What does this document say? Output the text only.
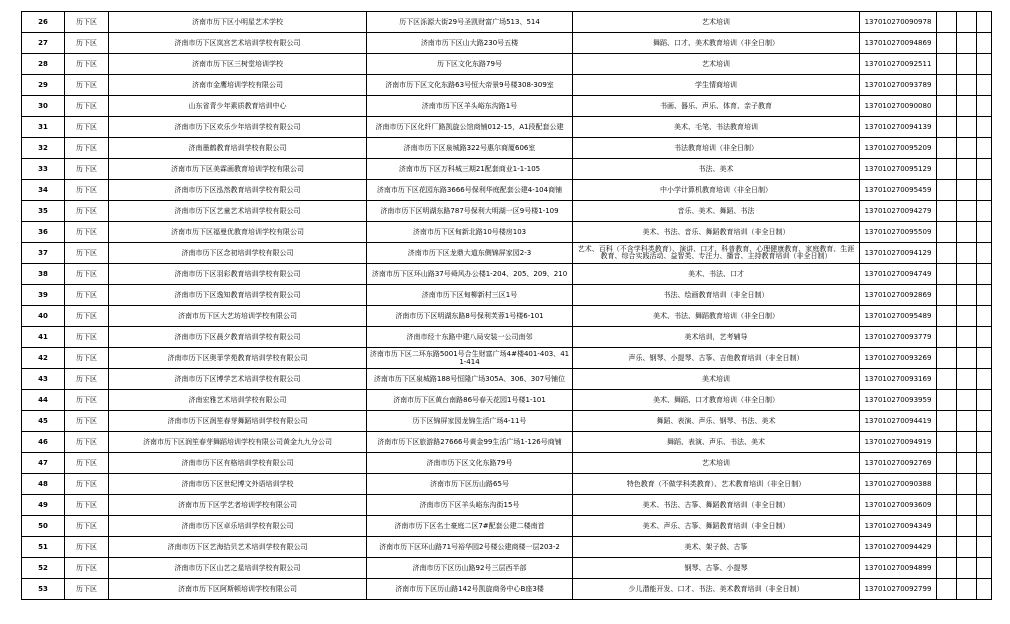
26	历下区	济南市历下区小明星艺术学校	历下区泺源大街29号圣凯财富广场513、514	艺术培训	137010270090978			
27	历下区	济南市历下区岚宫艺术培训学校有限公司	济南市历下区山大路230号五楼	舞蹈、口才、美术教育培训（非全日制）	137010270094869			
28	历下区	济南市历下区三树堂培训学校	历下区文化东路79号	艺术培训	137010270092511			
29	历下区	济南市金鹰培训学校有限公司	济南市历下区文化东路63号恒大帝景9号楼308-309室	学生情商培训	137010270093789			
30	历下区	山东省青少年素质教育培训中心	济南市历下区羊头峪东沟路1号	书画、器乐、声乐、体育、亲子教育	137010270090080			
31	历下区	济南市历下区欢乐少年培训学校有限公司	济南市历下区化纤厂路凯旋公馆商铺012-15，A1段配套公建	美术、毛笔、书法教育培训	137010270094139			
32	历下区	济南墨鹤教育培训学校有限公司	济南市历下区泉城路322号惠尔商厦606室	书法教育培训（非全日制）	137010270095209			
33	历下区	济南市历下区美霖画教育培训学校有限公司	济南市历下区万科城三期21配套商业1-1-105	书法、美术	137010270095129			
34	历下区	济南市历下区泓然教育培训学校有限公司	济南市历下区花园东路3666号保利华庭配套公建4-104商铺	中小学计算机教育培训（非全日制）	137010270095459			
35	历下区	济南市历下区艺童艺术培训学校有限公司	济南市历下区明湖东路787号保利大明湖一区9号楼1-109	音乐、美术、舞蹈、书法	137010270094279			
36	历下区	济南市历下区福曼优教育培训学校有限公司	济南市历下区甸新北路10号楼房103	美术、书法、音乐、舞蹈教育培训（非全日制）	137010270095509			
37	历下区	济南市历下区念初培训学校有限公司	济南市历下区龙鼎大道东侧锦屏家园2-3	艺术、百科（不含学科类教育）、演讲、口才、科普教育、心理健康教育、家庭教育、生涯教育、综合实践活动、益智类、专注力、播音、主持教育培训（非全日制）	137010270094129			
38	历下区	济南市历下区羽彩教育培训学校有限公司	济南市历下区环山路37号舜风办公楼1-204、205、209、210	美术、书法、口才	137010270094749			
39	历下区	济南市历下区逸知教育培训学校有限公司	济南市历下区甸柳新村三区1号	书法、绘画教育培训（非全日制）	137010270092869			
40	历下区	济南市历下区大艺坊培训学校有限公司	济南市历下区明湖东路8号保利芙蓉1号楼6-101	美术、书法、舞蹈教育培训（非全日制）	137010270095489			
41	历下区	济南市历下区晨夕教育培训学校有限公司	济南市经十东路中建八局安装一公司南邻	美术培训，艺考辅导	137010270093779			
42	历下区	济南市历下区奥菲学苑教育培训学校有限公司	济南市历下区二环东路5001号合生财富广场4#楼401-403、411-414	声乐、钢琴、小提琴、古筝、吉他教育培训（非全日制）	137010270093269			
43	历下区	济南市历下区博学艺术培训学校有限公司	济南市历下区泉城路188号恒隆广场305A、306、307号铺位	美术培训	137010270093169			
44	历下区	济南宏雅艺术培训学校有限公司	济南市历下区黄台南路86号春天花园1号楼1-101	美术、舞蹈、口才教育培训（非全日制）	137010270093959			
45	历下区	济南市历下区润笙春芽舞蹈培训学校有限公司	历下区锦屏家园龙锦生活广场4-11号	舞蹈、表演、声乐、钢琴、书法、美术	137010270094419			
46	历下区	济南市历下区润笙春芽舞蹈培训学校有限公司黄金九九分公司	济南市历下区旅游路27666号黄金99生活广场1-126号商铺	舞蹈、表演、声乐、书法、美术	137010270094919			
47	历下区	济南市历下区有格培训学校有限公司	济南市历下区文化东路79号	艺术培训	137010270092769			
48	历下区	济南市历下区世纪博文外语培训学校	济南市历下区历山路65号	特色教育（不做学科类教育）、艺术教育培训（非全日制）	137010270090388			
49	历下区	济南市历下区学艺者培训学校有限公司	济南市历下区羊头峪东沟街15号	美术、书法、古筝、舞蹈教育培训（非全日制）	137010270093609			
50	历下区	济南市历下区卓乐培训学校有限公司	济南市历下区名士豪庭二区7#配套公建二楼南首	美术、声乐、古筝、舞蹈教育培训（非全日制）	137010270094349			
51	历下区	济南市历下区艺海拾贝艺术培训学校有限公司	济南市历下区环山路71号裕华园2号楼公建商楼一层203-2	美术、架子鼓、古筝	137010270094429			
52	历下区	济南市历下区山艺之星培训学校有限公司	济南市历下区历山路92号三层西半部	钢琴、古筝、小提琴	137010270094899			
53	历下区	济南市历下区阿斯顿培训学校有限公司	济南市历下区历山路142号凯旋商务中心B座3楼	少儿潜能开发、口才、书法、美术教育培训（非全日制）	137010270092799			
